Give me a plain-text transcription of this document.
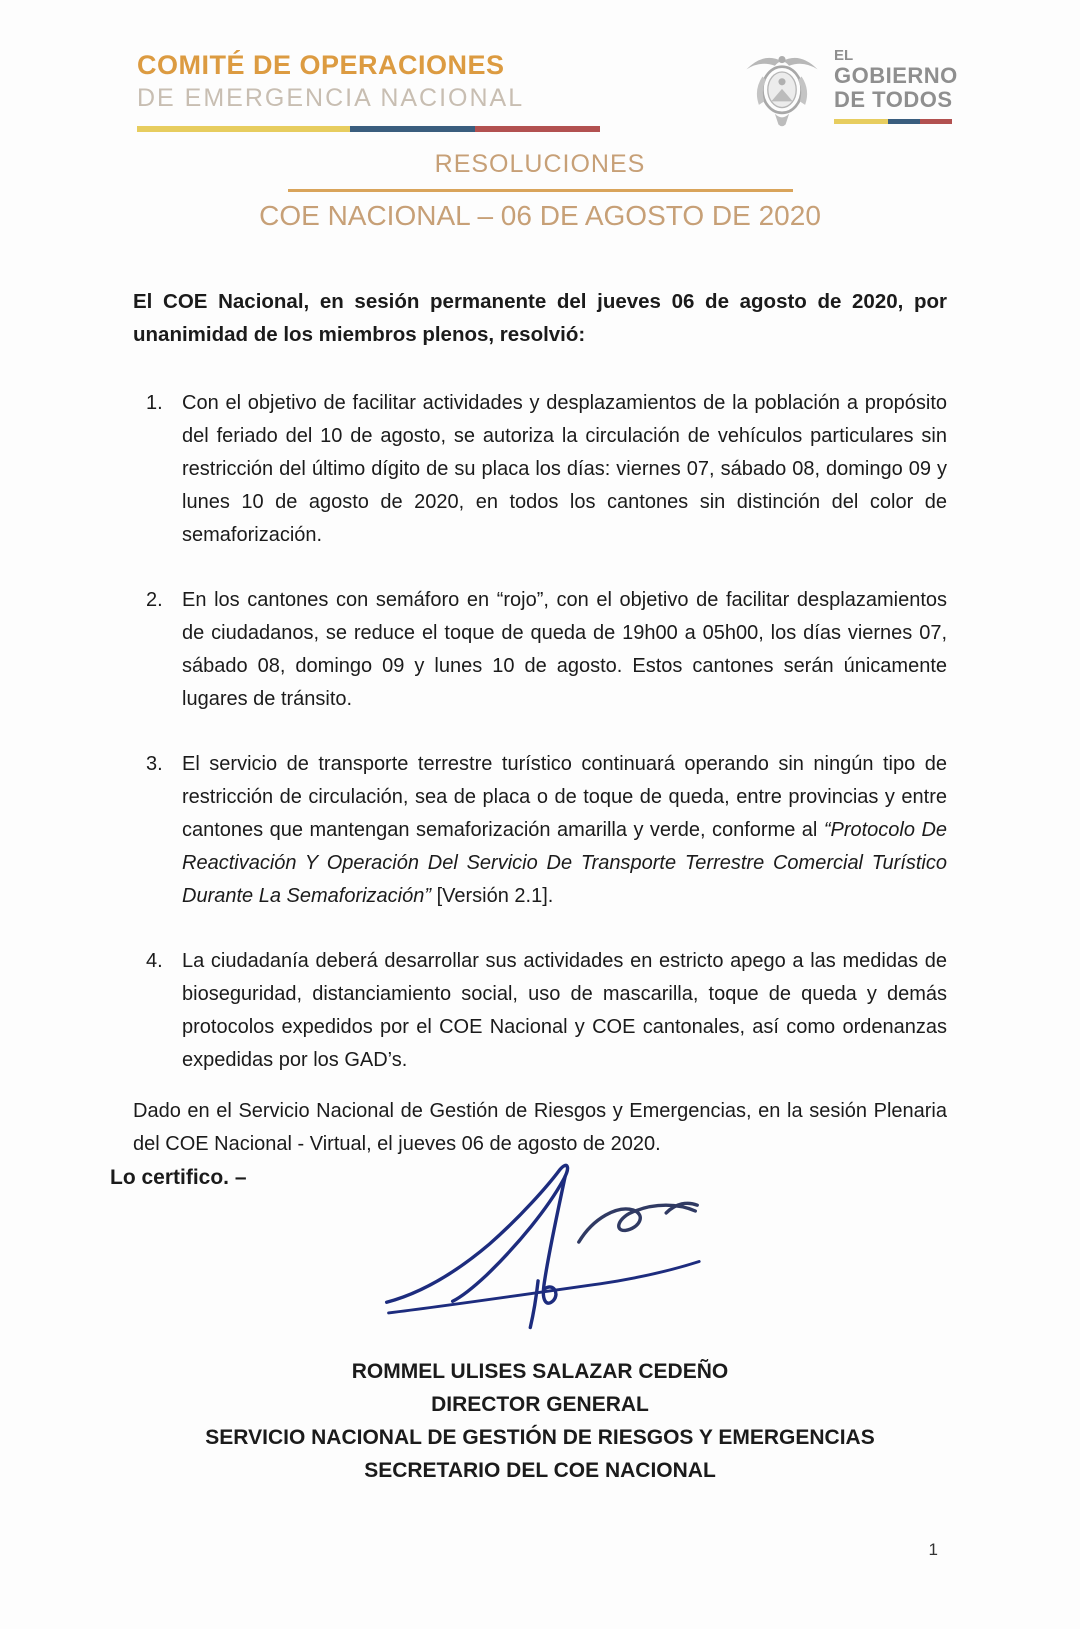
COMITÉ DE OPERACIONES
DE EMERGENCIA NACIONAL
EL
GOBIERNO
DE TODOS
RESOLUCIONES
COE NACIONAL – 06 DE AGOSTO DE 2020

El COE Nacional, en sesión permanente del jueves 06 de agosto de 2020, por unanimidad de los miembros plenos, resolvió:

1. Con el objetivo de facilitar actividades y desplazamientos de la población a propósito del feriado del 10 de agosto, se autoriza la circulación de vehículos particulares sin restricción del último dígito de su placa los días: viernes 07, sábado 08, domingo 09 y lunes 10 de agosto de 2020, en todos los cantones sin distinción del color de semaforización.
2. En los cantones con semáforo en “rojo”, con el objetivo de facilitar desplazamientos de ciudadanos, se reduce el toque de queda de 19h00 a 05h00, los días viernes 07, sábado 08, domingo 09 y lunes 10 de agosto. Estos cantones serán únicamente lugares de tránsito.
3. El servicio de transporte terrestre turístico continuará operando sin ningún tipo de restricción de circulación, sea de placa o de toque de queda, entre provincias y entre cantones que mantengan semaforización amarilla y verde, conforme al “Protocolo De Reactivación Y Operación Del Servicio De Transporte Terrestre Comercial Turístico Durante La Semaforización” [Versión 2.1].
4. La ciudadanía deberá desarrollar sus actividades en estricto apego a las medidas de bioseguridad, distanciamiento social, uso de mascarilla, toque de queda y demás protocolos expedidos por el COE Nacional y COE cantonales, así como ordenanzas expedidas por los GAD’s.

Dado en el Servicio Nacional de Gestión de Riesgos y Emergencias, en la sesión Plenaria del COE Nacional - Virtual, el jueves 06 de agosto de 2020.

Lo certifico. –

ROMMEL ULISES SALAZAR CEDEÑO
DIRECTOR GENERAL
SERVICIO NACIONAL DE GESTIÓN DE RIESGOS Y EMERGENCIAS
SECRETARIO DEL COE NACIONAL
1
